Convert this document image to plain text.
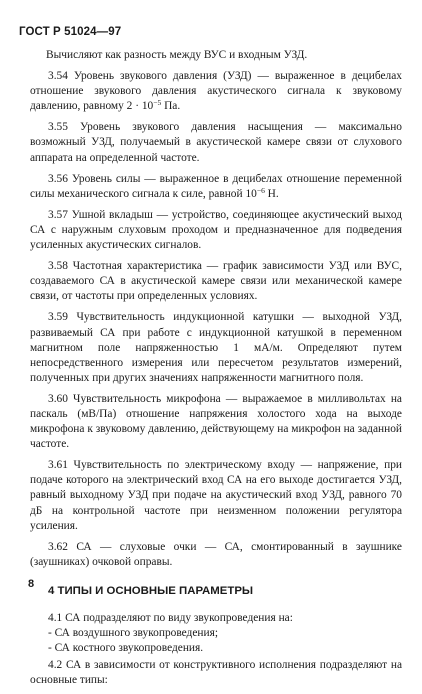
ГОСТ Р 51024—97

Вычисляют как разность между ВУС и входным УЗД.

3.54 Уровень звукового давления (УЗД) — выраженное в децибелах отношение звукового давления акустического сигнала к звуковому давлению, равному $2 \cdot 10^{-5}$ Па.

3.55 Уровень звукового давления насыщения — максимально возможный УЗД, получаемый в акустической камере связи от слухового аппарата на определенной частоте.

3.56 Уровень силы — выраженное в децибелах отношение переменной силы механического сигнала к силе, равной $10^{-6}$ Н.

3.57 Ушной вкладыш — устройство, соединяющее акустический выход СА с наружным слуховым проходом и предназначенное для подведения усиленных акустических сигналов.

3.58 Частотная характеристика — график зависимости УЗД или ВУС, создаваемого СА в акустической камере связи или механической камере связи, от частоты при определенных условиях.

3.59 Чувствительность индукционной катушки — выходной УЗД, развиваемый СА при работе с индукционной катушкой в переменном магнитном поле напряженностью 1 мА/м. Определяют путем непосредственного измерения или пересчетом результатов измерений, полученных при других значениях напряженности магнитного поля.

3.60 Чувствительность микрофона — выражаемое в милливольтах на паскаль (мВ/Па) отношение напряжения холостого хода на выходе микрофона к звуковому давлению, действующему на микрофон на заданной частоте.

3.61 Чувствительность по электрическому входу — напряжение, при подаче которого на электрический вход СА на его выходе достигается УЗД, равный выходному УЗД при подаче на акустический вход УЗД, равного 70 дБ на контрольной частоте при неизменном положении регулятора усиления.

3.62 СА — слуховые очки — СА, смонтированный в заушнике (заушниках) очковой оправы.

4 ТИПЫ И ОСНОВНЫЕ ПАРАМЕТРЫ

4.1 СА подразделяют по виду звукопроведения на:

- СА воздушного звукопроведения;

- СА костного звукопроведения.

4.2 СА в зависимости от конструктивного исполнения подразделяют на основные типы:

8
